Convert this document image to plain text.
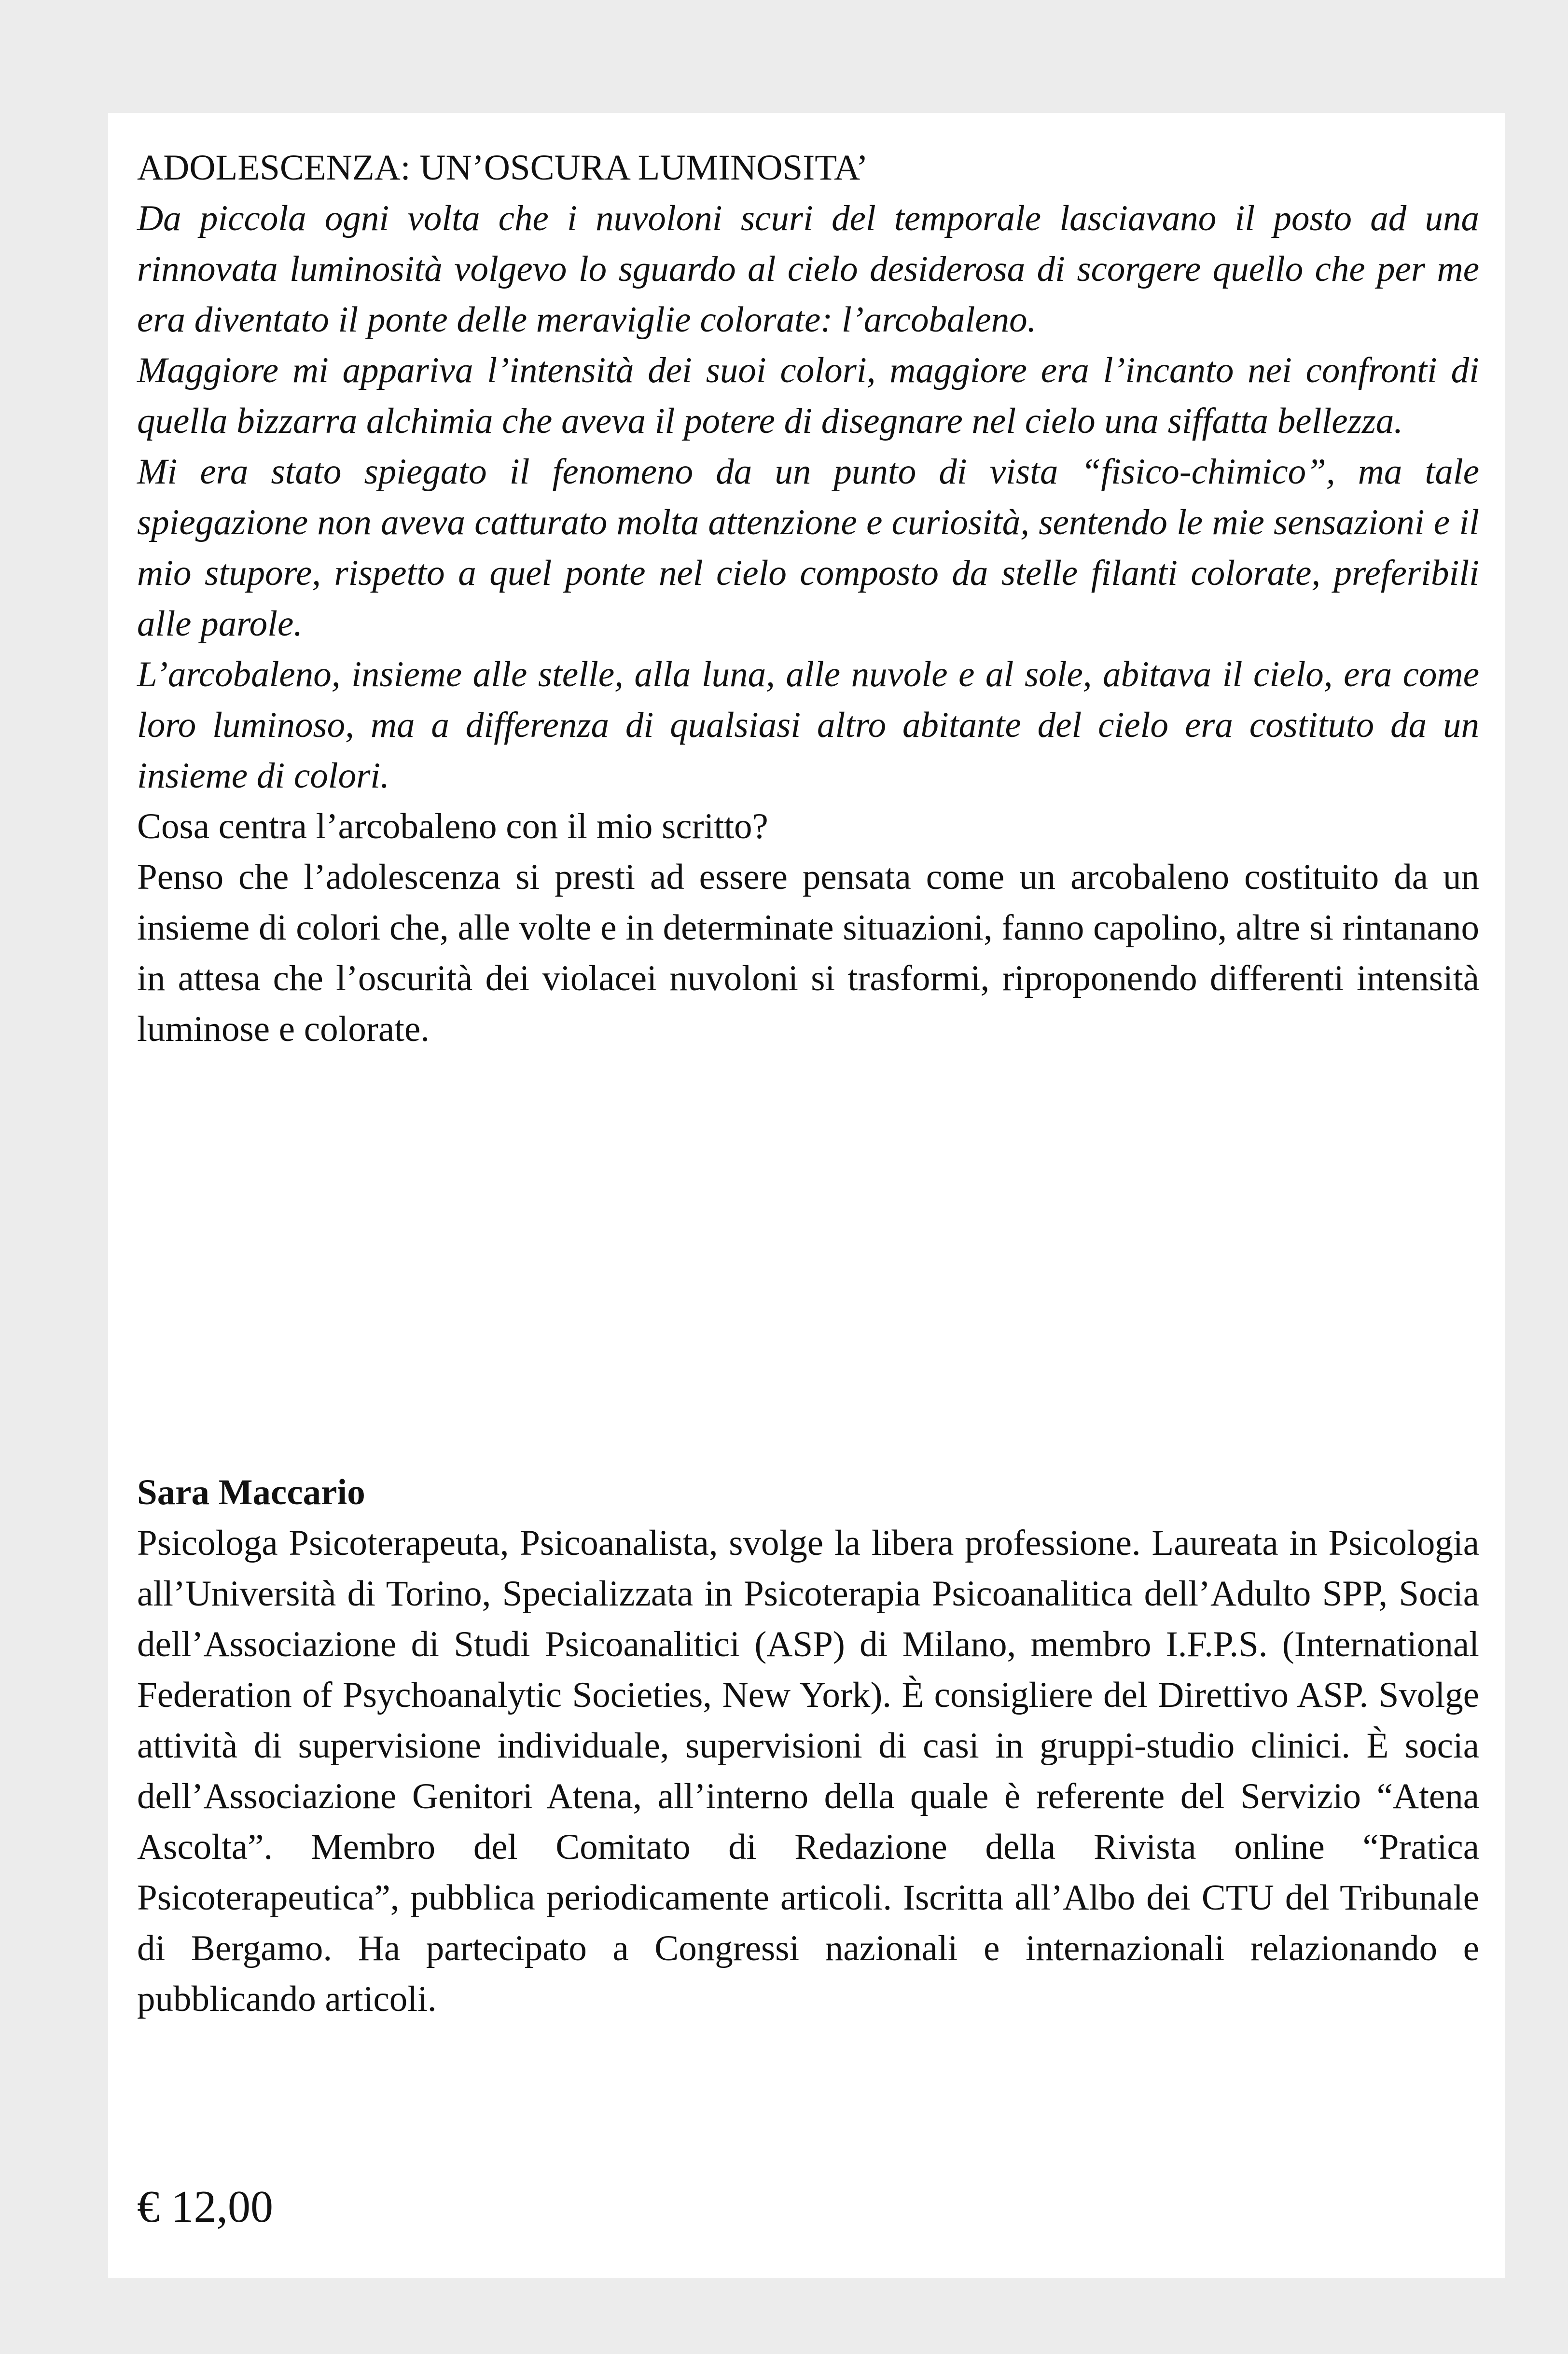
ADOLESCENZA: UN’OSCURA LUMINOSITA’

Da piccola ogni volta che i nuvoloni scuri del temporale lasciavano il posto ad una rinnovata luminosità volgevo lo sguardo al cielo desiderosa di scorgere quello che per me era diventato il ponte delle meraviglie colorate: l’arcobaleno.

Maggiore mi appariva l’intensità dei suoi colori, maggiore era l’incanto nei confronti di quella bizzarra alchimia che aveva il potere di disegnare nel cielo una siffatta bellezza.

Mi era stato spiegato il fenomeno da un punto di vista “fisico-chimico”, ma tale spiegazione non aveva catturato molta attenzione e curiosità, sentendo le mie sensazioni e il mio stupore, rispetto a quel ponte nel cielo composto da stelle filanti colorate, preferibili alle parole.

L’arcobaleno, insieme alle stelle, alla luna, alle nuvole e al sole, abitava il cielo, era come loro luminoso, ma a differenza di qualsiasi altro abitante del cielo era costituto da un insieme di colori.

Cosa centra l’arcobaleno con il mio scritto?

Penso che l’adolescenza si presti ad essere pensata come un arcobaleno costituito da un insieme di colori che, alle volte e in determinate situazioni, fanno capolino, altre si rintanano in attesa che l’oscurità dei violacei nuvoloni si trasformi, riproponendo differenti intensità luminose e colorate.

Sara Maccario

Psicologa Psicoterapeuta, Psicoanalista, svolge la libera professione. Laureata in Psicologia all’Università di Torino, Specializzata in Psicoterapia Psicoanalitica dell’Adulto SPP, Socia dell’Associazione di Studi Psicoanalitici (ASP) di Milano, membro I.F.P.S. (International Federation of Psychoanalytic Societies, New York). È consigliere del Direttivo ASP. Svolge attività di supervisione individuale, supervisioni di casi in gruppi-studio clinici. È socia dell’Associazione Genitori Atena, all’interno della quale è referente del Servizio “Atena Ascolta”. Membro del Comitato di Redazione della Rivista online “Pratica Psicoterapeutica”, pubblica periodicamente articoli. Iscritta all’Albo dei CTU del Tribunale di Bergamo. Ha partecipato a Congressi nazionali e internazionali relazionando e pubblicando articoli.

€ 12,00
